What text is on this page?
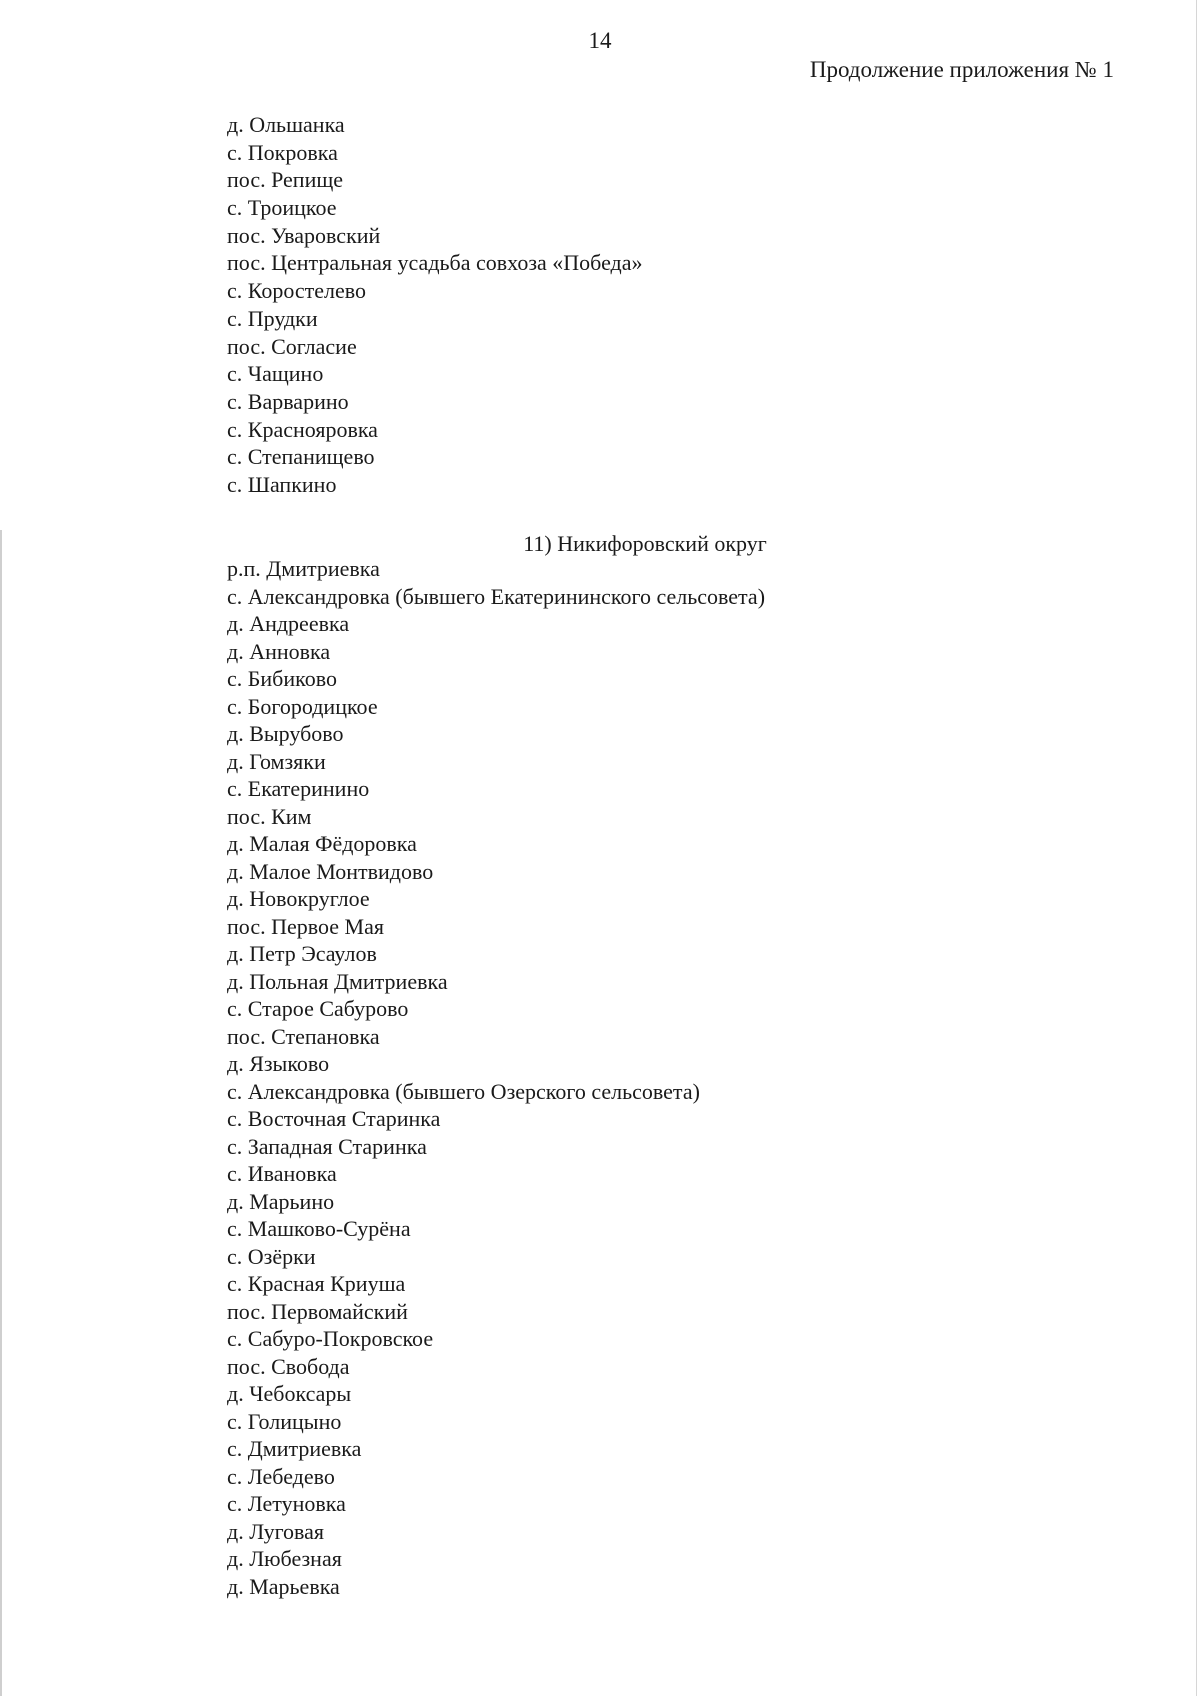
14
Продолжение приложения № 1
д. Ольшанка
с. Покровка
пос. Репище
с. Троицкое
пос. Уваровский
пос. Центральная усадьба совхоза «Победа»
с. Коростелево
с. Прудки
пос. Согласие
с. Чащино
с. Варварино
с. Краснояровка
с. Степанищево
с. Шапкино
11) Никифоровский округ
р.п. Дмитриевка
с. Александровка (бывшего Екатерининского сельсовета)
д. Андреевка
д. Анновка
с. Бибиково
с. Богородицкое
д. Вырубово
д. Гомзяки
с. Екатеринино
пос. Ким
д. Малая Фёдоровка
д. Малое Монтвидово
д. Новокруглое
пос. Первое Мая
д. Петр Эсаулов
д. Польная Дмитриевка
с. Старое Сабурово
пос. Степановка
д. Языково
с. Александровка (бывшего Озерского сельсовета)
с. Восточная Старинка
с. Западная Старинка
с. Ивановка
д. Марьино
с. Машково-Сурёна
с. Озёрки
с. Красная Криуша
пос. Первомайский
с. Сабуро-Покровское
пос. Свобода
д. Чебоксары
с. Голицыно
с. Дмитриевка
с. Лебедево
с. Летуновка
д. Луговая
д. Любезная
д. Марьевка
